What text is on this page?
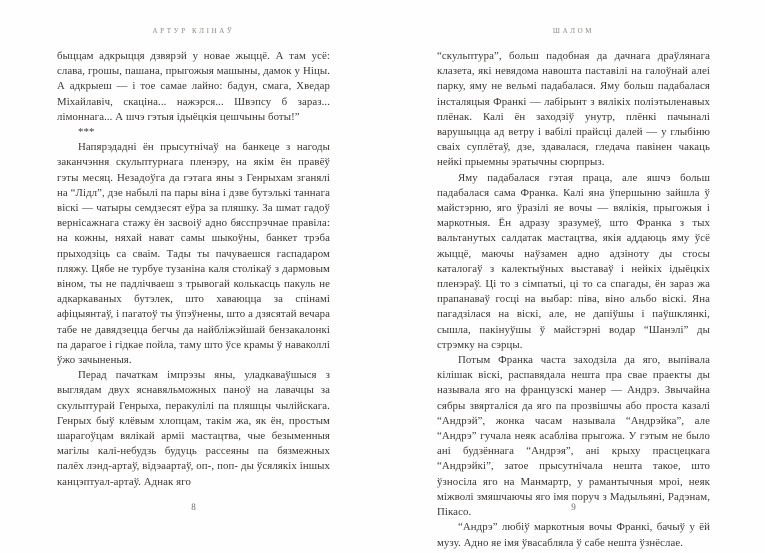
АРТУР КЛІНАЎ

быццам адкрыцця дзвярэй у новае жыццё. А там усё: слава, грошы, пашана, прыгожыя машыны, дамок у Ніцы. А адкрыеш — і тое самае лайно: бадун, смага, Хведар Міхайлавіч, скаціна... нажэрся... Швэпсу б зараз... лімоннага... А шчэ гэтыя ідыёцкія цешчыны боты!”

***

Напярэдадні ён прысутнічаў на банкеце з нагоды заканчэння скульптурнага пленэру, на якім ён правёў гэты месяц. Незадоўга да гэтага яны з Генрыхам зганялі на “Лідл”, дзе набылі па пары віна і дзве бутэлькі таннага віскі — чатыры семдзесят еўра за пляшку. За шмат гадоў вернісажнага стажу ён засвоіў адно бясспрэчнае правіла: на кожны, няхай нават самы шыкоўны, банкет трэба прыходзіць са сваім. Тады ты пачуваешся гаспадаром пляжу. Цябе не турбуе тузаніна каля столікаў з дармовым віном, ты не падлічваеш з трывогай колькасць пакуль не адкаркаваных бутэлек, што хаваюцца за спінамі афіцыянтаў, і пагатоў ты ўпэўнены, што а дзясятай вечара табе не давядзецца бегчы да найбліжэйшай бензакалонкі па дарагое і гідкае пойла, таму што ўсе крамы ў наваколлі ўжо зачыненыя.

Перад пачаткам імпрэзы яны, уладкаваўшыся з выглядам двух яснавяльможных паноў на лавачцы за скульптурай Генрыха, перакулілі па пляшцы чылійскага. Генрых быў клёвым хлопцам, такім жа, як ён, простым шарагоўцам вялікай арміі мастацтва, чые безыменныя магілы калі-небудзь будуць рассеяны па бязмежных палёх лэнд-артаў, відэаартаў, оп-, поп- ды ўсялякіх іншых канцэптуал-артаў. Аднак яго

8
ШАЛОМ

“скульптура”, больш падобная да дачнага драўлянага клазета, які невядома навошта паставілі на галоўнай алеі парку, яму не вельмі падабалася. Яму больш падабалася інсталяцыя Франкі — лабірынт з вялікіх поліэтыленавых плёнак. Калі ён заходзіў унутр, плёнкі пачыналі варушыцца ад ветру і вабілі прайсці далей — у глыбіню сваіх суплётаў, дзе, здавалася, гледача павінен чакаць нейкі прыемны эратычны сюрпрыз.

Яму падабалася гэтая праца, але яшчэ больш падабалася сама Франка. Калі яна ўпершыню зайшла ў майстэрню, яго ўразілі яе вочы — вялікія, прыгожыя і маркотныя. Ён адразу зразумеў, што Франка з тых вальтанутых салдатак мастацтва, якія аддаюць яму ўсё жыццё, маючы наўзамен адно адзіноту ды стосы каталогаў з калектыўных выставаў і нейкіх ідыёцкіх пленэраў. Ці то з сімпатыі, ці то са спагады, ён зараз жа прапанаваў госці на выбар: піва, віно альбо віскі. Яна пагадзілася на віскі, але, не дапіўшы і паўшклянкі, сышла, пакінуўшы ў майстэрні водар “Шанэлі” ды стрэмку на сэрцы.

Потым Франка часта заходзіла да яго, выпівала кілішак віскі, распавядала нешта пра свае праекты ды называла яго на французскі манер — Андрэ. Звычайна сябры звярталіся да яго па прозвішчы або проста казалі “Андрэй”, жонка часам называла “Андрэйка”, але “Андрэ” гучала неяк асабліва прыгожа. У гэтым не было ані будзённага “Андрэя”, ані крыху прасцецкага “Андрэйкі”, затое прысутнічала нешта такое, што ўзносіла яго на Манмартр, у рамантычныя мроі, неяк міжволі змяшчаючы яго імя поруч з Мадыльяні, Радэнам, Пікасо.

“Андрэ” любіў маркотныя вочы Франкі, бачыў у ёй музу. Адно яе імя ўвасабляла ў сабе нешта ўзнёслае.

9
